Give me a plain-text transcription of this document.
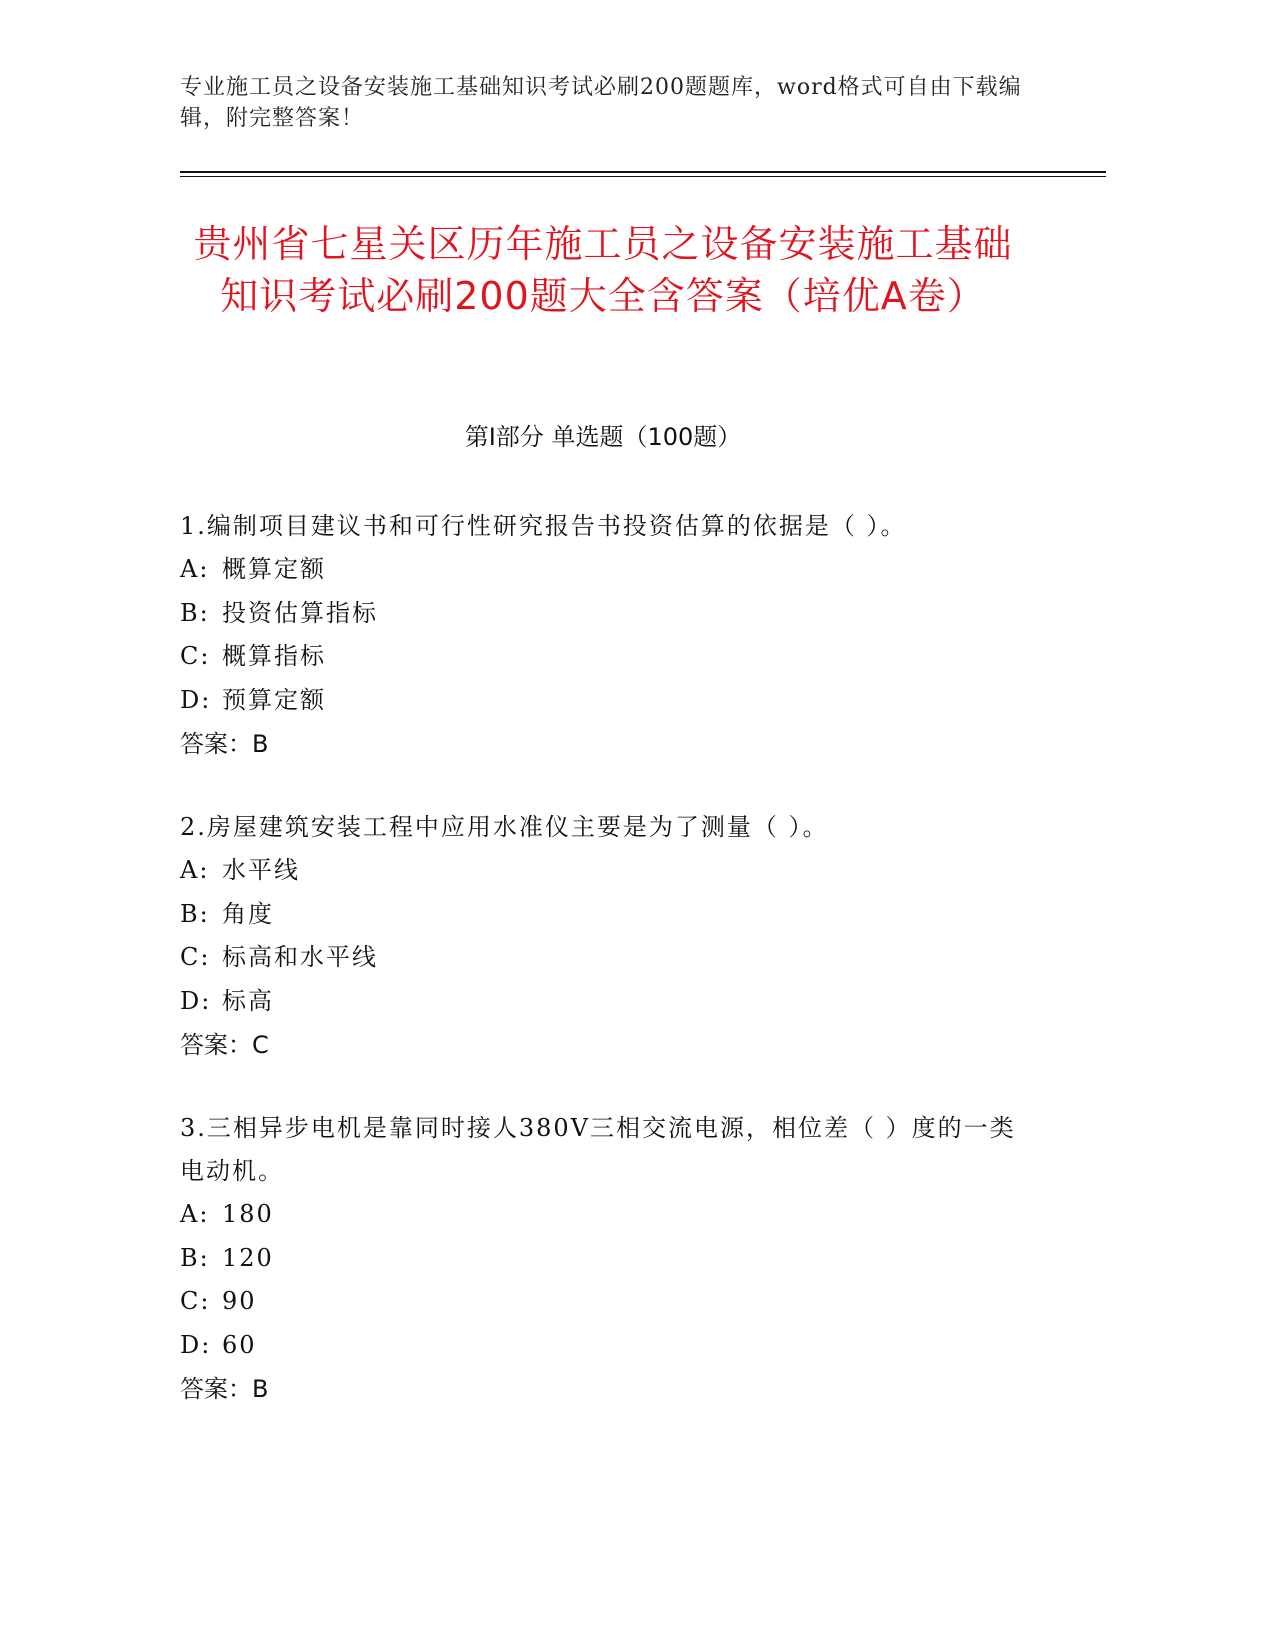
专业施工员之设备安装施工基础知识考试必刷200题题库，word格式可自由下载编辑，附完整答案！
贵州省七星关区历年施工员之设备安装施工基础知识考试必刷200题大全含答案（培优A卷）
第I部分 单选题（100题）

1.编制项目建议书和可行性研究报告书投资估算的依据是（ ）。

A: 概算定额

B: 投资估算指标

C: 概算指标

D: 预算定额

答案：B

2.房屋建筑安装工程中应用水准仪主要是为了测量（ ）。

A: 水平线

B: 角度

C: 标高和水平线

D: 标高

答案：C

3.三相异步电机是靠同时接人380V三相交流电源，相位差（ ）度的一类电动机。

A: 180

B: 120

C: 90

D: 60

答案：B
